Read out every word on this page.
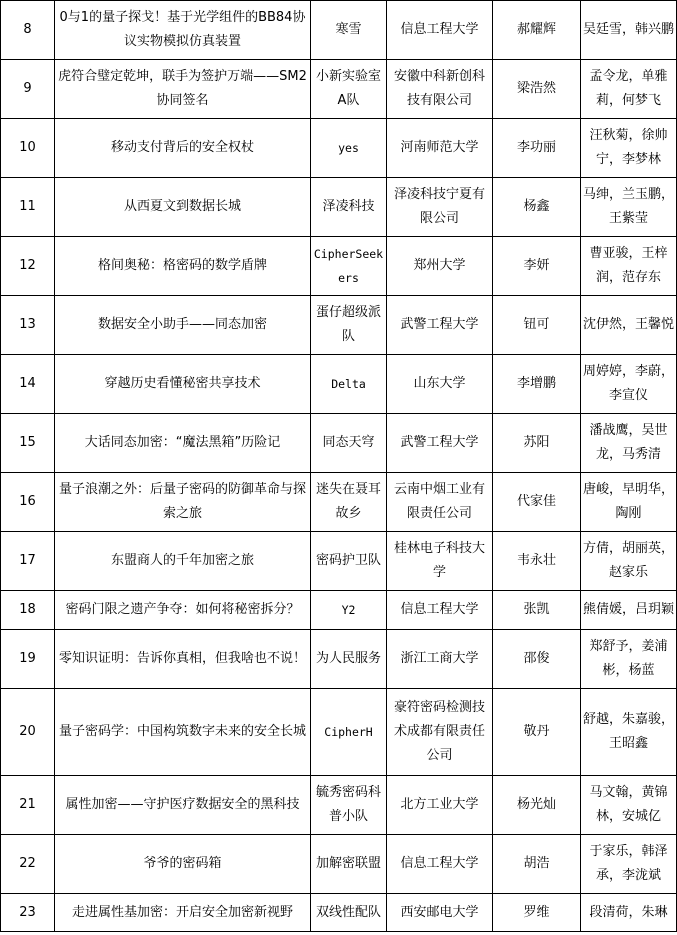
8	0与1的量子探戈！基于光学组件的BB84协议实物模拟仿真装置	寒雪	信息工程大学	郝耀辉	吴廷雪，韩兴鹏
9	虎符合璧定乾坤，联手为签护万端——SM2协同签名	小新实验室A队	安徽中科新创科技有限公司	梁浩然	孟令龙，单雅莉，何梦飞
10	移动支付背后的安全权杖	yes	河南师范大学	李功丽	汪秋菊，徐帅宁，李梦林
11	从西夏文到数据长城	泽凌科技	泽凌科技宁夏有限公司	杨鑫	马绅，兰玉鹏，王紫莹
12	格间奥秘：格密码的数学盾牌	CipherSeekers	郑州大学	李妍	曹亚骏，王梓润，范存东
13	数据安全小助手——同态加密	蛋仔超级派队	武警工程大学	钮可	沈伊然，王馨悦
14	穿越历史看懂秘密共享技术	Delta	山东大学	李增鹏	周婷婷，李蔚，李宣仪
15	大话同态加密：“魔法黑箱”历险记	同态天穹	武警工程大学	苏阳	潘战鹰，吴世龙，马秀清
16	量子浪潮之外：后量子密码的防御革命与探索之旅	迷失在聂耳故乡	云南中烟工业有限责任公司	代家佳	唐峻，早明华，陶刚
17	东盟商人的千年加密之旅	密码护卫队	桂林电子科技大学	韦永壮	方倩，胡丽英，赵家乐
18	密码门限之遗产争夺：如何将秘密拆分？	Y2	信息工程大学	张凯	熊倩媛，吕玥颖
19	零知识证明：告诉你真相，但我啥也不说！	为人民服务	浙江工商大学	邵俊	郑舒予，姜浦彬，杨蓝
20	量子密码学：中国构筑数字未来的安全长城	CipherH	豪符密码检测技术成都有限责任公司	敬丹	舒越，朱嘉骏，王昭鑫
21	属性加密——守护医疗数据安全的黑科技	毓秀密码科普小队	北方工业大学	杨光灿	马文翰，黄锦林，安城亿
22	爷爷的密码箱	加解密联盟	信息工程大学	胡浩	于家乐，韩泽承，李泷斌
23	走进属性基加密：开启安全加密新视野	双线性配队	西安邮电大学	罗维	段清荷，朱琳
